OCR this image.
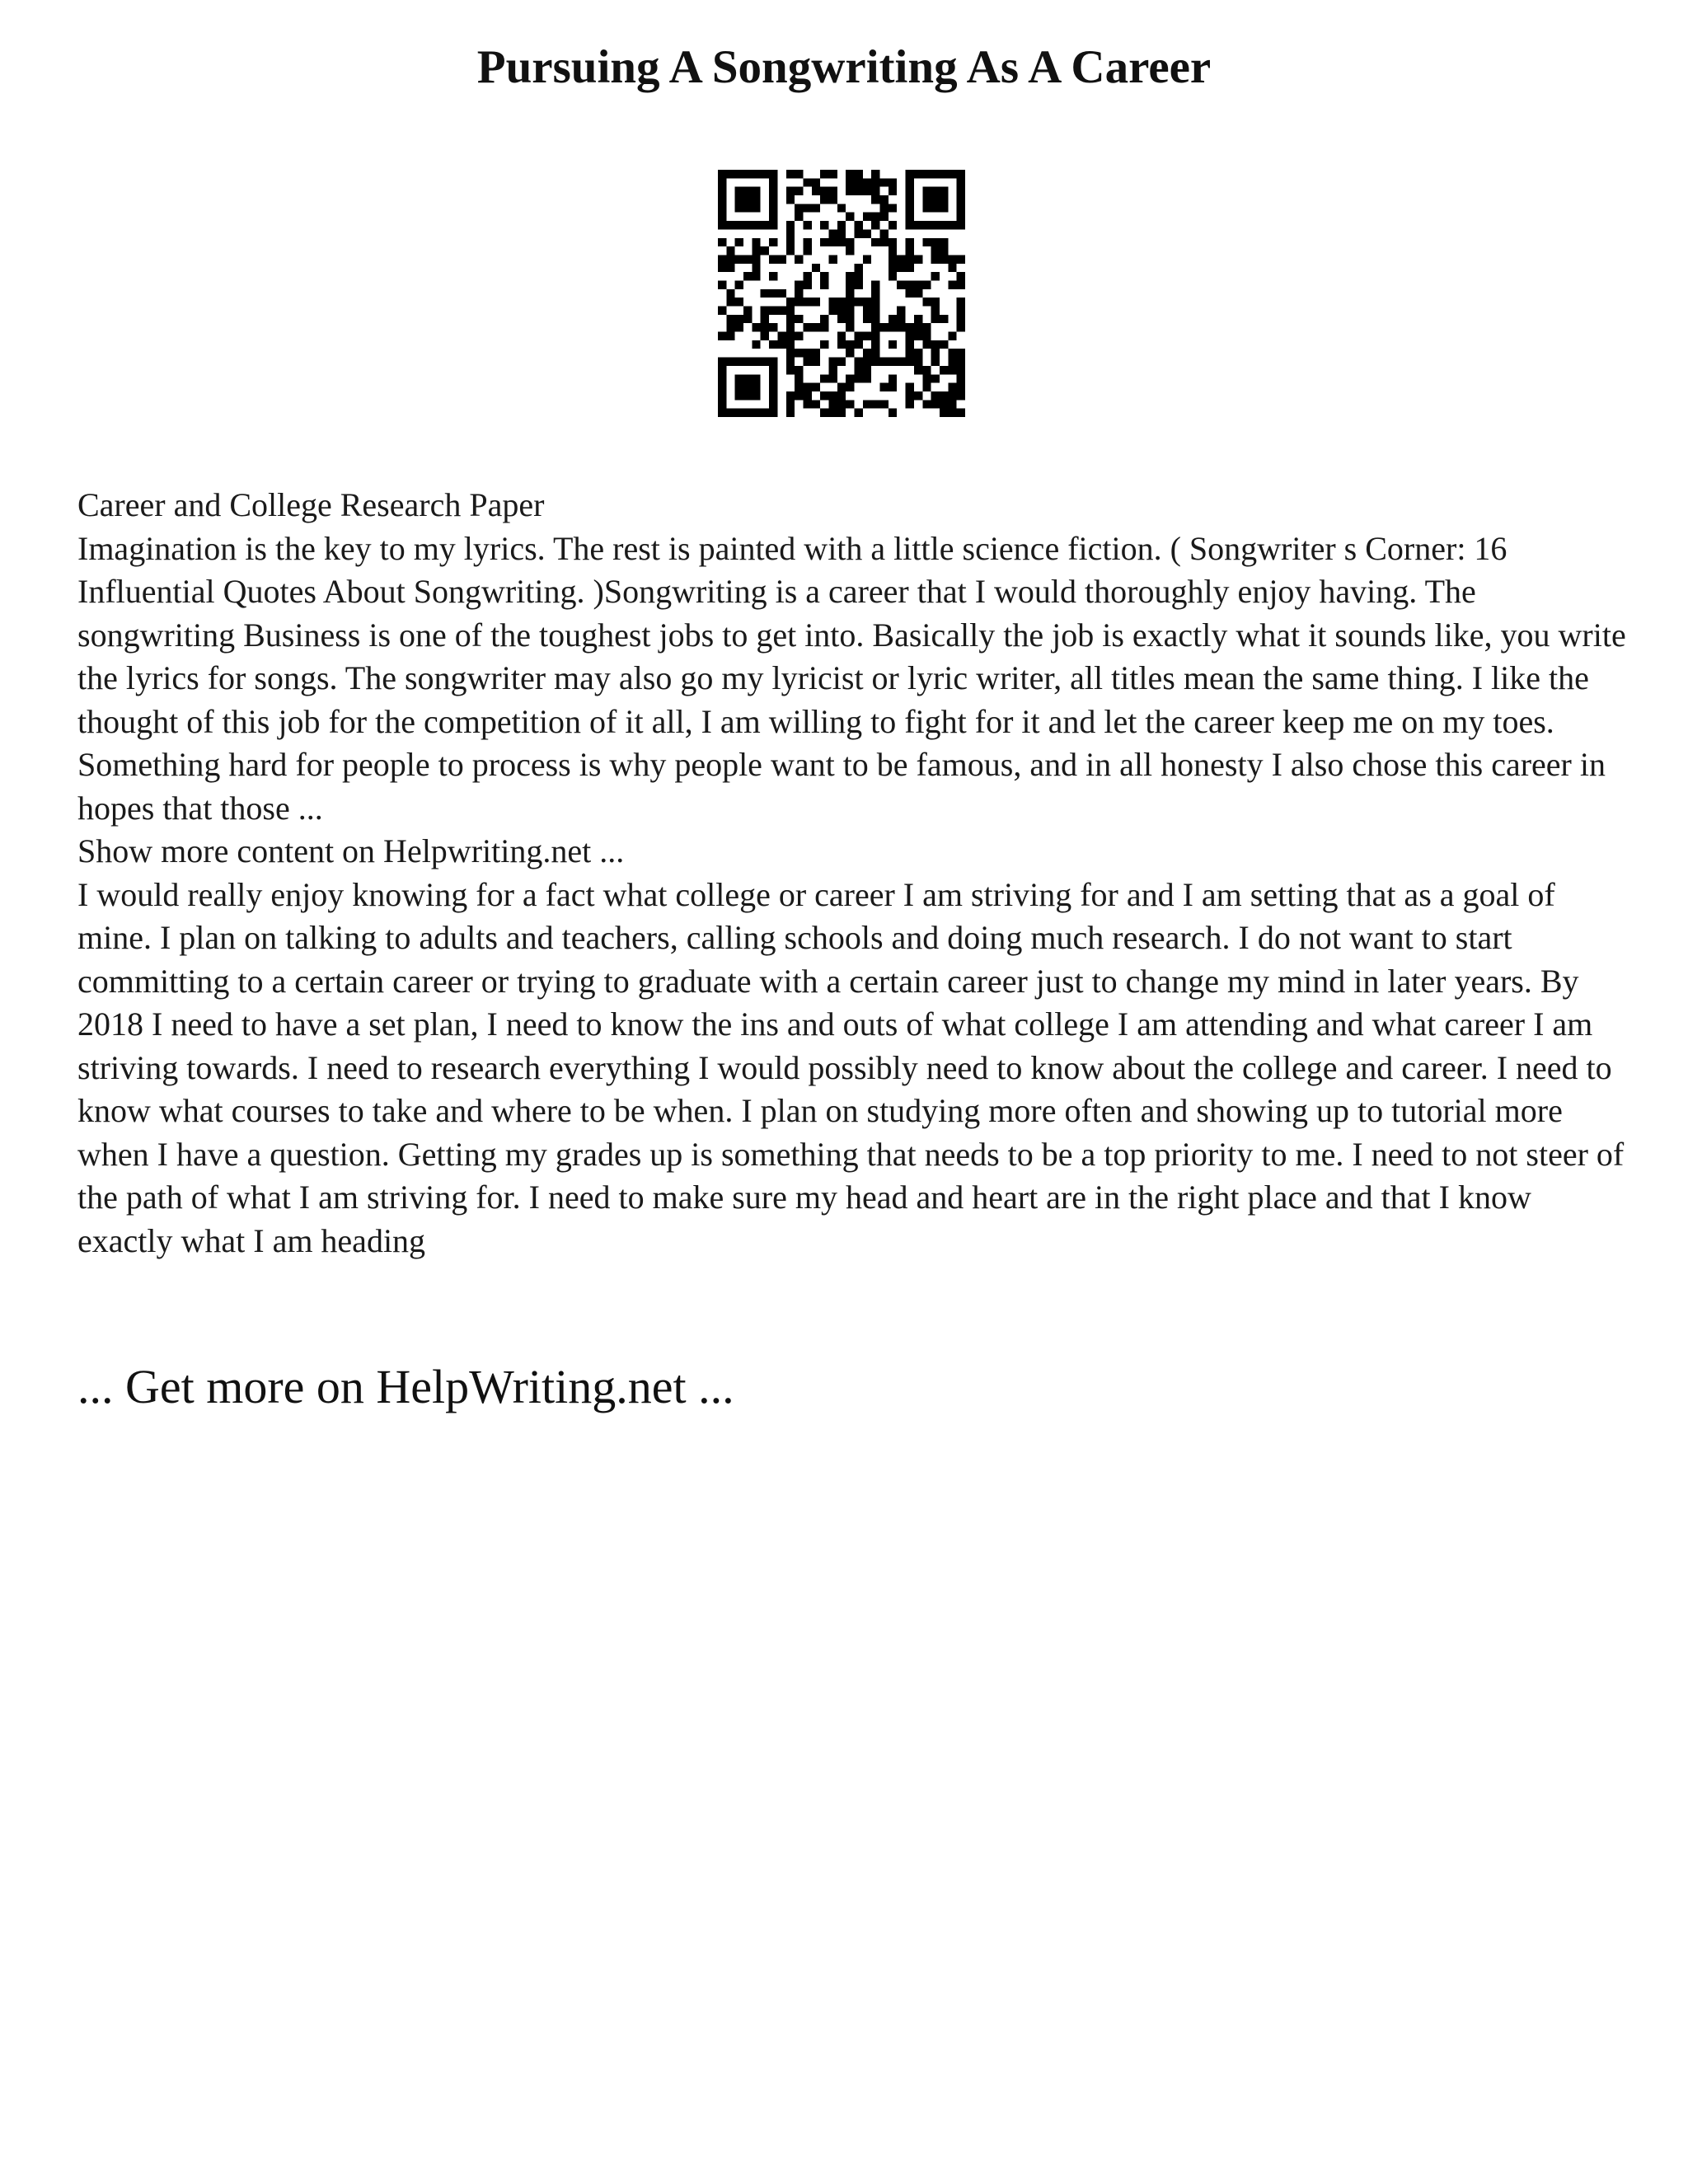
Pursuing A Songwriting As A Career

Career and College Research Paper

Imagination is the key to my lyrics. The rest is painted with a little science fiction. ( Songwriter s Corner: 16 Influential Quotes About Songwriting. )Songwriting is a career that I would thoroughly enjoy having. The songwriting Business is one of the toughest jobs to get into. Basically the job is exactly what it sounds like, you write the lyrics for songs. The songwriter may also go my lyricist or lyric writer, all titles mean the same thing. I like the thought of this job for the competition of it all, I am willing to fight for it and let the career keep me on my toes. Something hard for people to process is why people want to be famous, and in all honesty I also chose this career in hopes that those ...

Show more content on Helpwriting.net ...

I would really enjoy knowing for a fact what college or career I am striving for and I am setting that as a goal of mine. I plan on talking to adults and teachers, calling schools and doing much research. I do not want to start committing to a certain career or trying to graduate with a certain career just to change my mind in later years. By 2018 I need to have a set plan, I need to know the ins and outs of what college I am attending and what career I am striving towards. I need to research everything I would possibly need to know about the college and career. I need to know what courses to take and where to be when. I plan on studying more often and showing up to tutorial more when I have a question. Getting my grades up is something that needs to be a top priority to me. I need to not steer of the path of what I am striving for. I need to make sure my head and heart are in the right place and that I know exactly what I am heading

... Get more on HelpWriting.net ...
